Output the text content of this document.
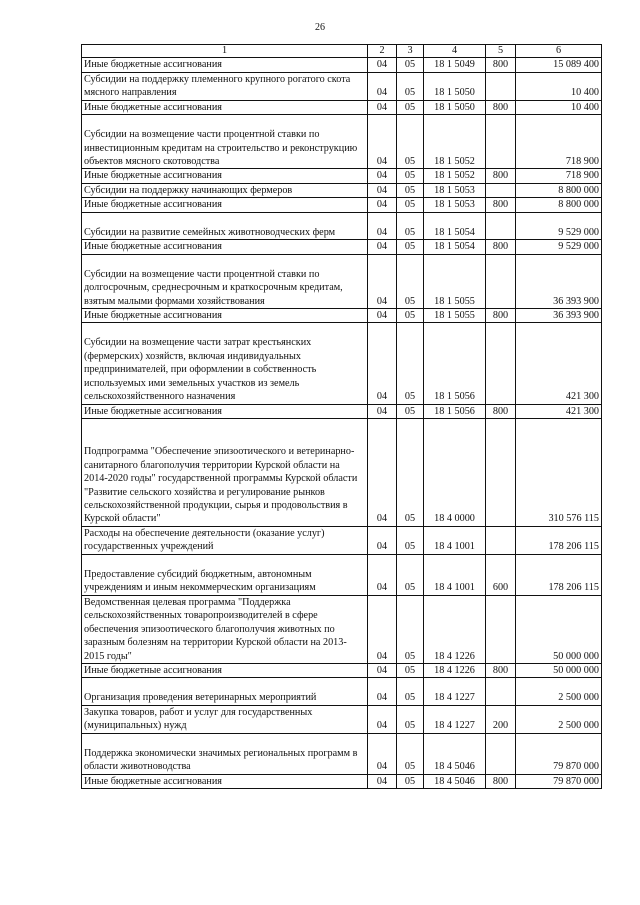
26
1	2	3	4	5	6
Иные бюджетные ассигнования	04	05	18 1 5049	800	15 089 400
Субсидии на поддержку племенного крупного рогатого скота мясного направления	04	05	18 1 5050		10 400
Иные бюджетные ассигнования	04	05	18 1 5050	800	10 400

Субсидии на возмещение части процентной ставки по инвестиционным кредитам на строительство и реконструкцию объектов мясного скотоводства	04	05	18 1 5052		718 900
Иные бюджетные ассигнования	04	05	18 1 5052	800	718 900
Субсидии на поддержку начинающих фермеров	04	05	18 1 5053		8 800 000
Иные бюджетные ассигнования	04	05	18 1 5053	800	8 800 000

Субсидии на развитие семейных животноводческих ферм	04	05	18 1 5054		9 529 000
Иные бюджетные ассигнования	04	05	18 1 5054	800	9 529 000

Субсидии на возмещение части процентной ставки по долгосрочным, среднесрочным и краткосрочным кредитам, взятым малыми формами хозяйствования	04	05	18 1 5055		36 393 900
Иные бюджетные ассигнования	04	05	18 1 5055	800	36 393 900

Субсидии на возмещение части затрат крестьянских (фермерских) хозяйств, включая индивидуальных предпринимателей, при оформлении в собственность используемых ими земельных участков из земель сельскохозяйственного назначения	04	05	18 1 5056		421 300
Иные бюджетные ассигнования	04	05	18 1 5056	800	421 300

Подпрограмма "Обеспечение эпизоотического и ветеринарно-санитарного благополучия территории Курской области на 2014-2020 годы" государственной программы Курской области "Развитие сельского хозяйства и регулирование рынков сельскохозяйственной продукции, сырья и продовольствия в Курской области"	04	05	18 4 0000		310 576 115
Расходы на обеспечение деятельности (оказание услуг) государственных учреждений	04	05	18 4 1001		178 206 115

Предоставление субсидий бюджетным, автономным учреждениям и иным некоммерческим организациям	04	05	18 4 1001	600	178 206 115
Ведомственная целевая программа "Поддержка сельскохозяйственных товаропроизводителей в сфере обеспечения эпизоотического благополучия животных по заразным болезням на территории Курской области на 2013-2015 годы"	04	05	18 4 1226		50 000 000
Иные бюджетные ассигнования	04	05	18 4 1226	800	50 000 000

Организация проведения ветеринарных мероприятий	04	05	18 4 1227		2 500 000
Закупка товаров, работ и услуг для государственных (муниципальных) нужд	04	05	18 4 1227	200	2 500 000

Поддержка экономически значимых региональных программ в области животноводства	04	05	18 4 5046		79 870 000
Иные бюджетные ассигнования	04	05	18 4 5046	800	79 870 000
